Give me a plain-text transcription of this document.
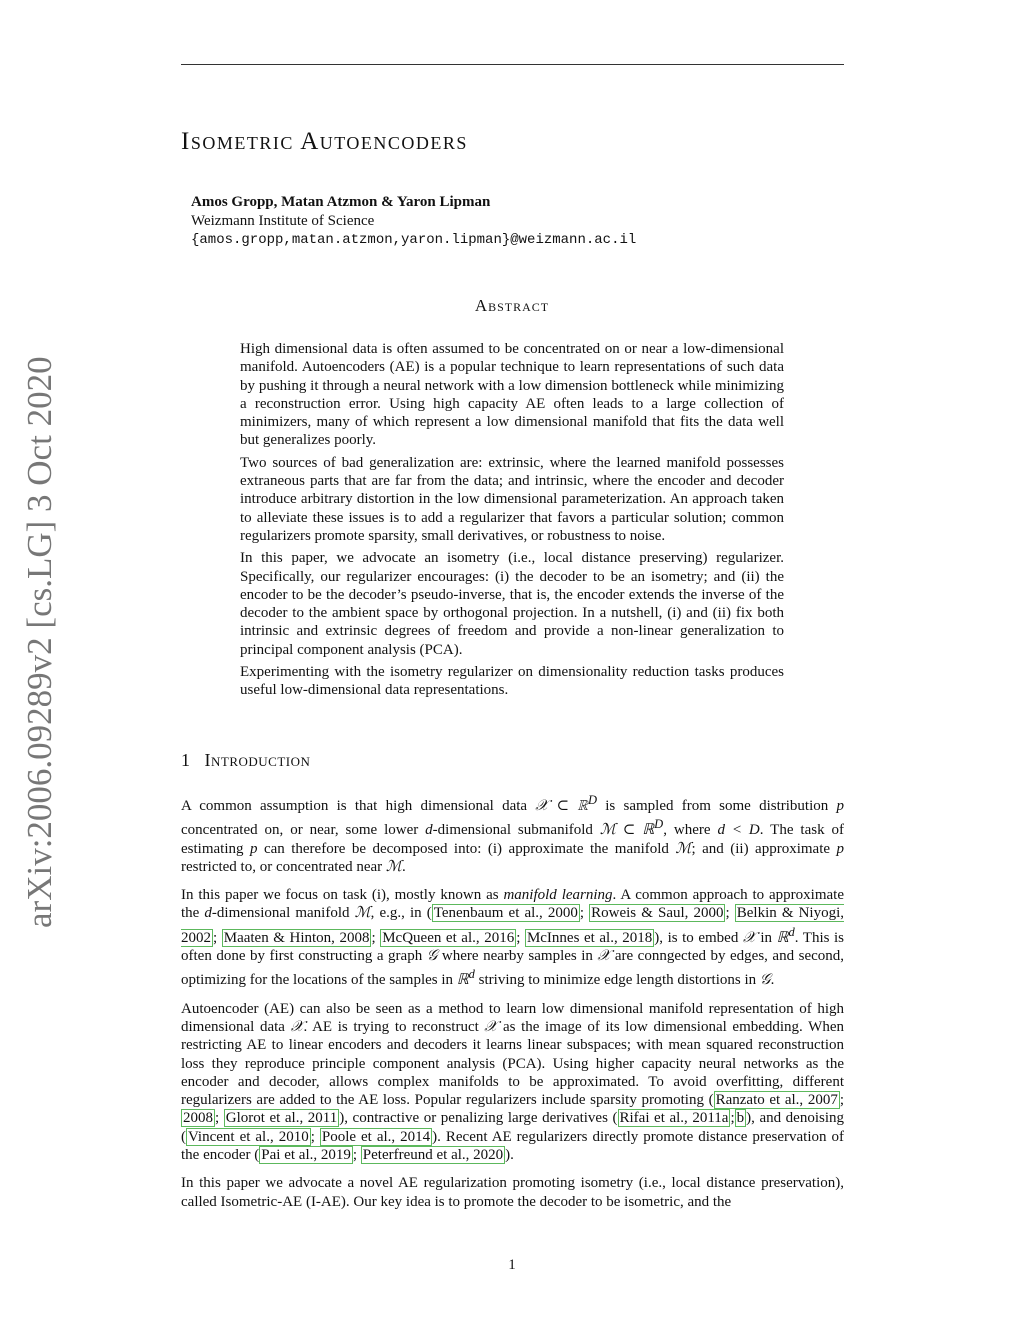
Isometric Autoencoders
Amos Gropp, Matan Atzmon & Yaron Lipman
Weizmann Institute of Science
{amos.gropp,matan.atzmon,yaron.lipman}@weizmann.ac.il
arXiv:2006.09289v2 [cs.LG] 3 Oct 2020
Abstract

High dimensional data is often assumed to be concentrated on or near a low-dimensional manifold. Autoencoders (AE) is a popular technique to learn representations of such data by pushing it through a neural network with a low dimension bottleneck while minimizing a reconstruction error. Using high capacity AE often leads to a large collection of minimizers, many of which represent a low dimensional manifold that fits the data well but generalizes poorly.

Two sources of bad generalization are: extrinsic, where the learned manifold possesses extraneous parts that are far from the data; and intrinsic, where the encoder and decoder introduce arbitrary distortion in the low dimensional parameterization. An approach taken to alleviate these issues is to add a regularizer that favors a particular solution; common regularizers promote sparsity, small derivatives, or robustness to noise.

In this paper, we advocate an isometry (i.e., local distance preserving) regularizer. Specifically, our regularizer encourages: (i) the decoder to be an isometry; and (ii) the encoder to be the decoder’s pseudo-inverse, that is, the encoder extends the inverse of the decoder to the ambient space by orthogonal projection. In a nutshell, (i) and (ii) fix both intrinsic and extrinsic degrees of freedom and provide a non-linear generalization to principal component analysis (PCA).

Experimenting with the isometry regularizer on dimensionality reduction tasks produces useful low-dimensional data representations.

1 Introduction

A common assumption is that high dimensional data 𝒳 ⊂ ℝ$^D$ is sampled from some distribution p concentrated on, or near, some lower d-dimensional submanifold ℳ ⊂ ℝ$^D$, where d < D. The task of estimating p can therefore be decomposed into: (i) approximate the manifold ℳ; and (ii) approximate p restricted to, or concentrated near ℳ.

In this paper we focus on task (i), mostly known as manifold learning. A common approach to approximate the d-dimensional manifold ℳ, e.g., in ( Tenenbaum et al., 2000 ; Roweis & Saul, 2000 ; Belkin & Niyogi, 2002 ; Maaten & Hinton, 2008 ; McQueen et al., 2016 ; McInnes et al., 2018 ), is to embed 𝒳 in ℝ$^d$. This is often done by first constructing a graph 𝒢 where nearby samples in 𝒳 are conngected by edges, and second, optimizing for the locations of the samples in ℝ$^d$ striving to minimize edge length distortions in 𝒢.

Autoencoder (AE) can also be seen as a method to learn low dimensional manifold representation of high dimensional data 𝒳. AE is trying to reconstruct 𝒳 as the image of its low dimensional embedding. When restricting AE to linear encoders and decoders it learns linear subspaces; with mean squared reconstruction loss they reproduce principle component analysis (PCA). Using higher capacity neural networks as the encoder and decoder, allows complex manifolds to be approximated. To avoid overfitting, different regularizers are added to the AE loss. Popular regularizers include sparsity promoting ( Ranzato et al., 2007 ; 2008 ; Glorot et al., 2011 ), contractive or penalizing large derivatives ( Rifai et al., 2011a ; b ), and denoising ( Vincent et al., 2010 ; Poole et al., 2014 ). Recent AE regularizers directly promote distance preservation of the encoder ( Pai et al., 2019 ; Peterfreund et al., 2020 ).

In this paper we advocate a novel AE regularization promoting isometry (i.e., local distance preservation), called Isometric-AE (I-AE). Our key idea is to promote the decoder to be isometric, and the

1
